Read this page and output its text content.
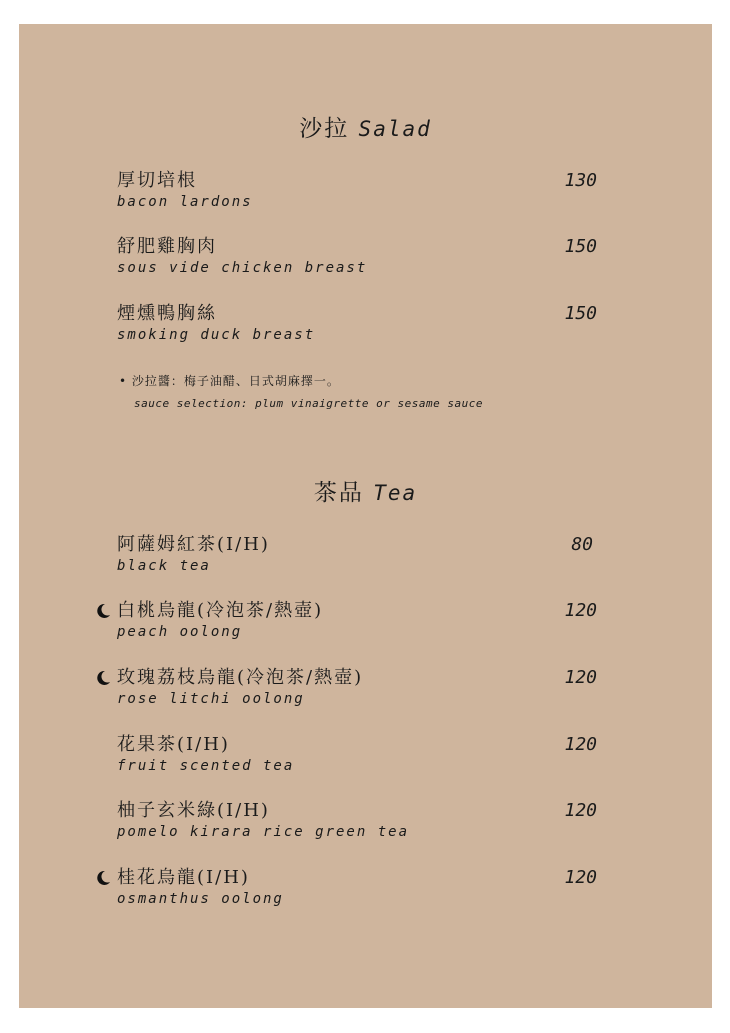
沙拉 Salad
厚切培根
bacon lardons
130
舒肥雞胸肉
sous vide chicken breast
150
煙燻鴨胸絲
smoking duck breast
150
• 沙拉醬：梅子油醋、日式胡麻擇一。
sauce selection: plum vinaigrette or sesame sauce
茶品 Tea
阿薩姆紅茶(I/H)
black tea
80
白桃烏龍(冷泡茶/熱壺)
peach oolong
120
玫瑰荔枝烏龍(冷泡茶/熱壺)
rose litchi oolong
120
花果茶(I/H)
fruit scented tea
120
柚子玄米綠(I/H)
pomelo kirara rice green tea
120
桂花烏龍(I/H)
osmanthus oolong
120
